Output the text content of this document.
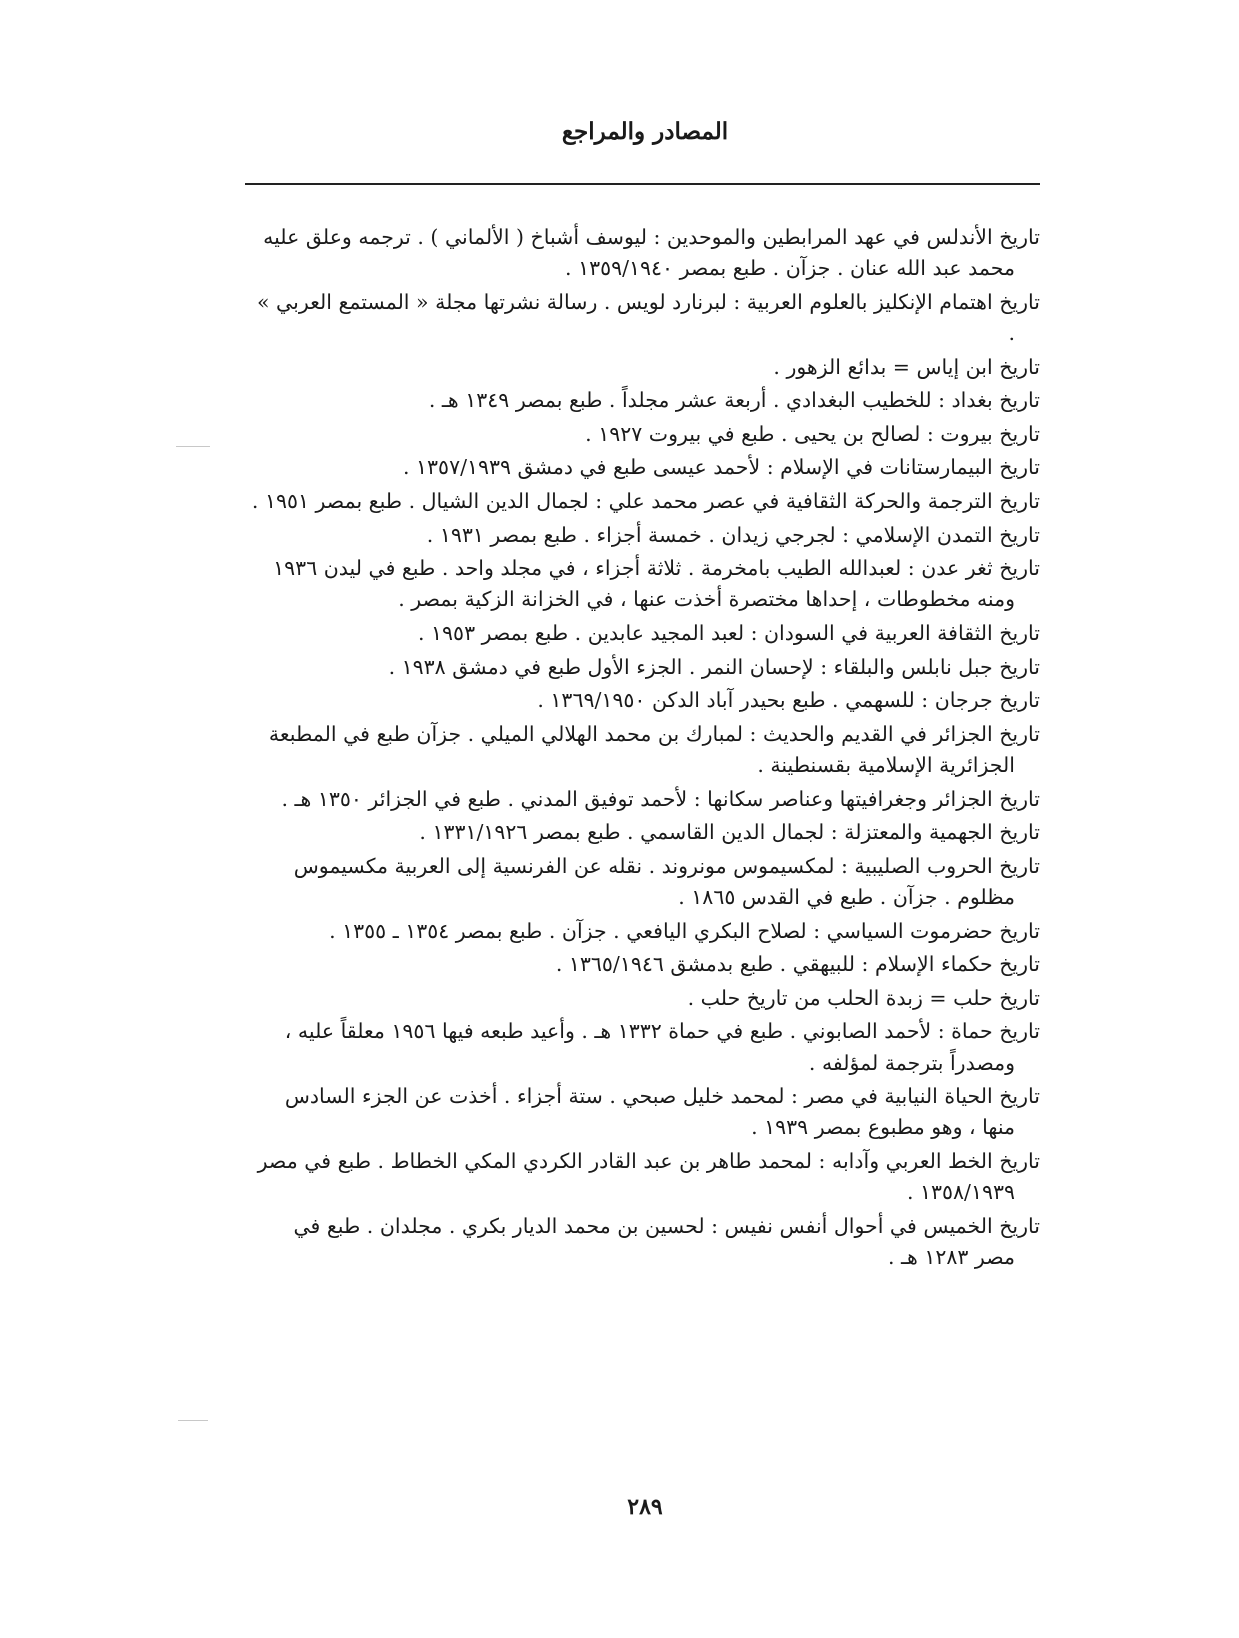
المصادر والمراجع

تاريخ الأندلس في عهد المرابطين والموحدين : ليوسف أشباخ ( الألماني ) . ترجمه وعلق عليه محمد عبد الله عنان . جزآن . طبع بمصر ١٣٥٩/١٩٤٠ .

تاريخ اهتمام الإنكليز بالعلوم العربية : لبرنارد لويس . رسالة نشرتها مجلة « المستمع العربي » .

تاريخ ابن إياس = بدائع الزهور .

تاريخ بغداد : للخطيب البغدادي . أربعة عشر مجلداً . طبع بمصر ١٣٤٩ هـ .

تاريخ بيروت : لصالح بن يحيى . طبع في بيروت ١٩٢٧ .

تاريخ البيمارستانات في الإسلام : لأحمد عيسى طبع في دمشق ١٣٥٧/١٩٣٩ .

تاريخ الترجمة والحركة الثقافية في عصر محمد علي : لجمال الدين الشيال . طبع بمصر ١٩٥١ .

تاريخ التمدن الإسلامي : لجرجي زيدان . خمسة أجزاء . طبع بمصر ١٩٣١ .

تاريخ ثغر عدن : لعبدالله الطيب بامخرمة . ثلاثة أجزاء ، في مجلد واحد . طبع في ليدن ١٩٣٦ ومنه مخطوطات ، إحداها مختصرة أخذت عنها ، في الخزانة الزكية بمصر .

تاريخ الثقافة العربية في السودان : لعبد المجيد عابدين . طبع بمصر ١٩٥٣ .

تاريخ جبل نابلس والبلقاء : لإحسان النمر . الجزء الأول طبع في دمشق ١٩٣٨ .

تاريخ جرجان : للسهمي . طبع بحيدر آباد الدكن ١٣٦٩/١٩٥٠ .

تاريخ الجزائر في القديم والحديث : لمبارك بن محمد الهلالي الميلي . جزآن طبع في المطبعة الجزائرية الإسلامية بقسنطينة .

تاريخ الجزائر وجغرافيتها وعناصر سكانها : لأحمد توفيق المدني . طبع في الجزائر ١٣٥٠ هـ .

تاريخ الجهمية والمعتزلة : لجمال الدين القاسمي . طبع بمصر ١٣٣١/١٩٢٦ .

تاريخ الحروب الصليبية : لمكسيموس مونروند . نقله عن الفرنسية إلى العربية مكسيموس مظلوم . جزآن . طبع في القدس ١٨٦٥ .

تاريخ حضرموت السياسي : لصلاح البكري اليافعي . جزآن . طبع بمصر ١٣٥٤ ـ ١٣٥٥ .

تاريخ حكماء الإسلام : للبيهقي . طبع بدمشق ١٣٦٥/١٩٤٦ .

تاريخ حلب = زبدة الحلب من تاريخ حلب .

تاريخ حماة : لأحمد الصابوني . طبع في حماة ١٣٣٢ هـ . وأعيد طبعه فيها ١٩٥٦ معلقاً عليه ، ومصدراً بترجمة لمؤلفه .

تاريخ الحياة النيابية في مصر : لمحمد خليل صبحي . ستة أجزاء . أخذت عن الجزء السادس منها ، وهو مطبوع بمصر ١٩٣٩ .

تاريخ الخط العربي وآدابه : لمحمد طاهر بن عبد القادر الكردي المكي الخطاط . طبع في مصر ١٣٥٨/١٩٣٩ .

تاريخ الخميس في أحوال أنفس نفيس : لحسين بن محمد الديار بكري . مجلدان . طبع في مصر ١٢٨٣ هـ .

٢٨٩
